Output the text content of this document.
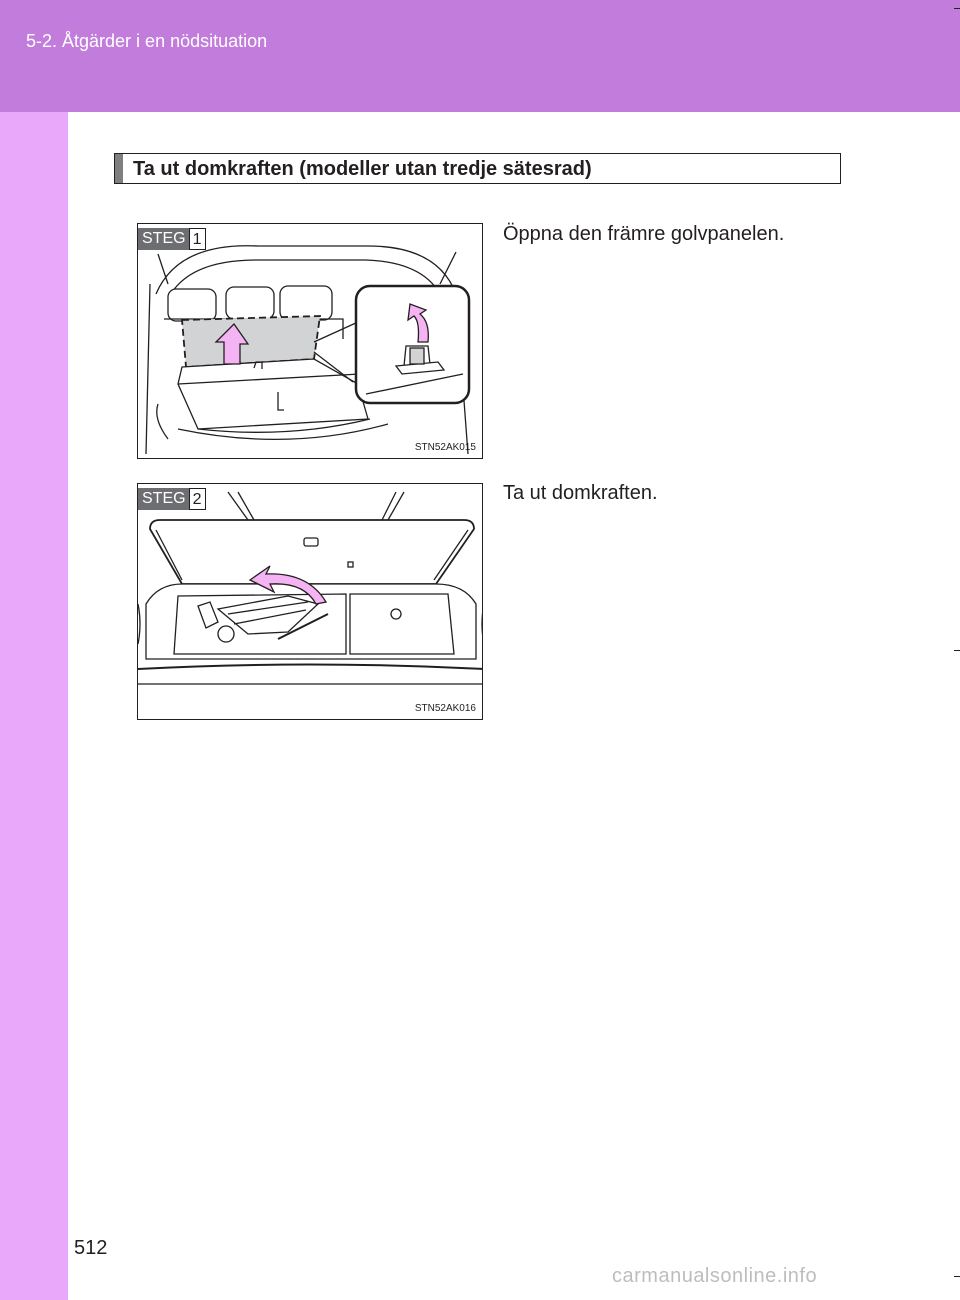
5-2. Åtgärder i en nödsituation
512
Ta ut domkraften (modeller utan tredje sätesrad)
STEG 1
STN52AK015
Öppna den främre golvpanelen.
STEG 2
STN52AK016
Ta ut domkraften.
carmanualsonline.info
